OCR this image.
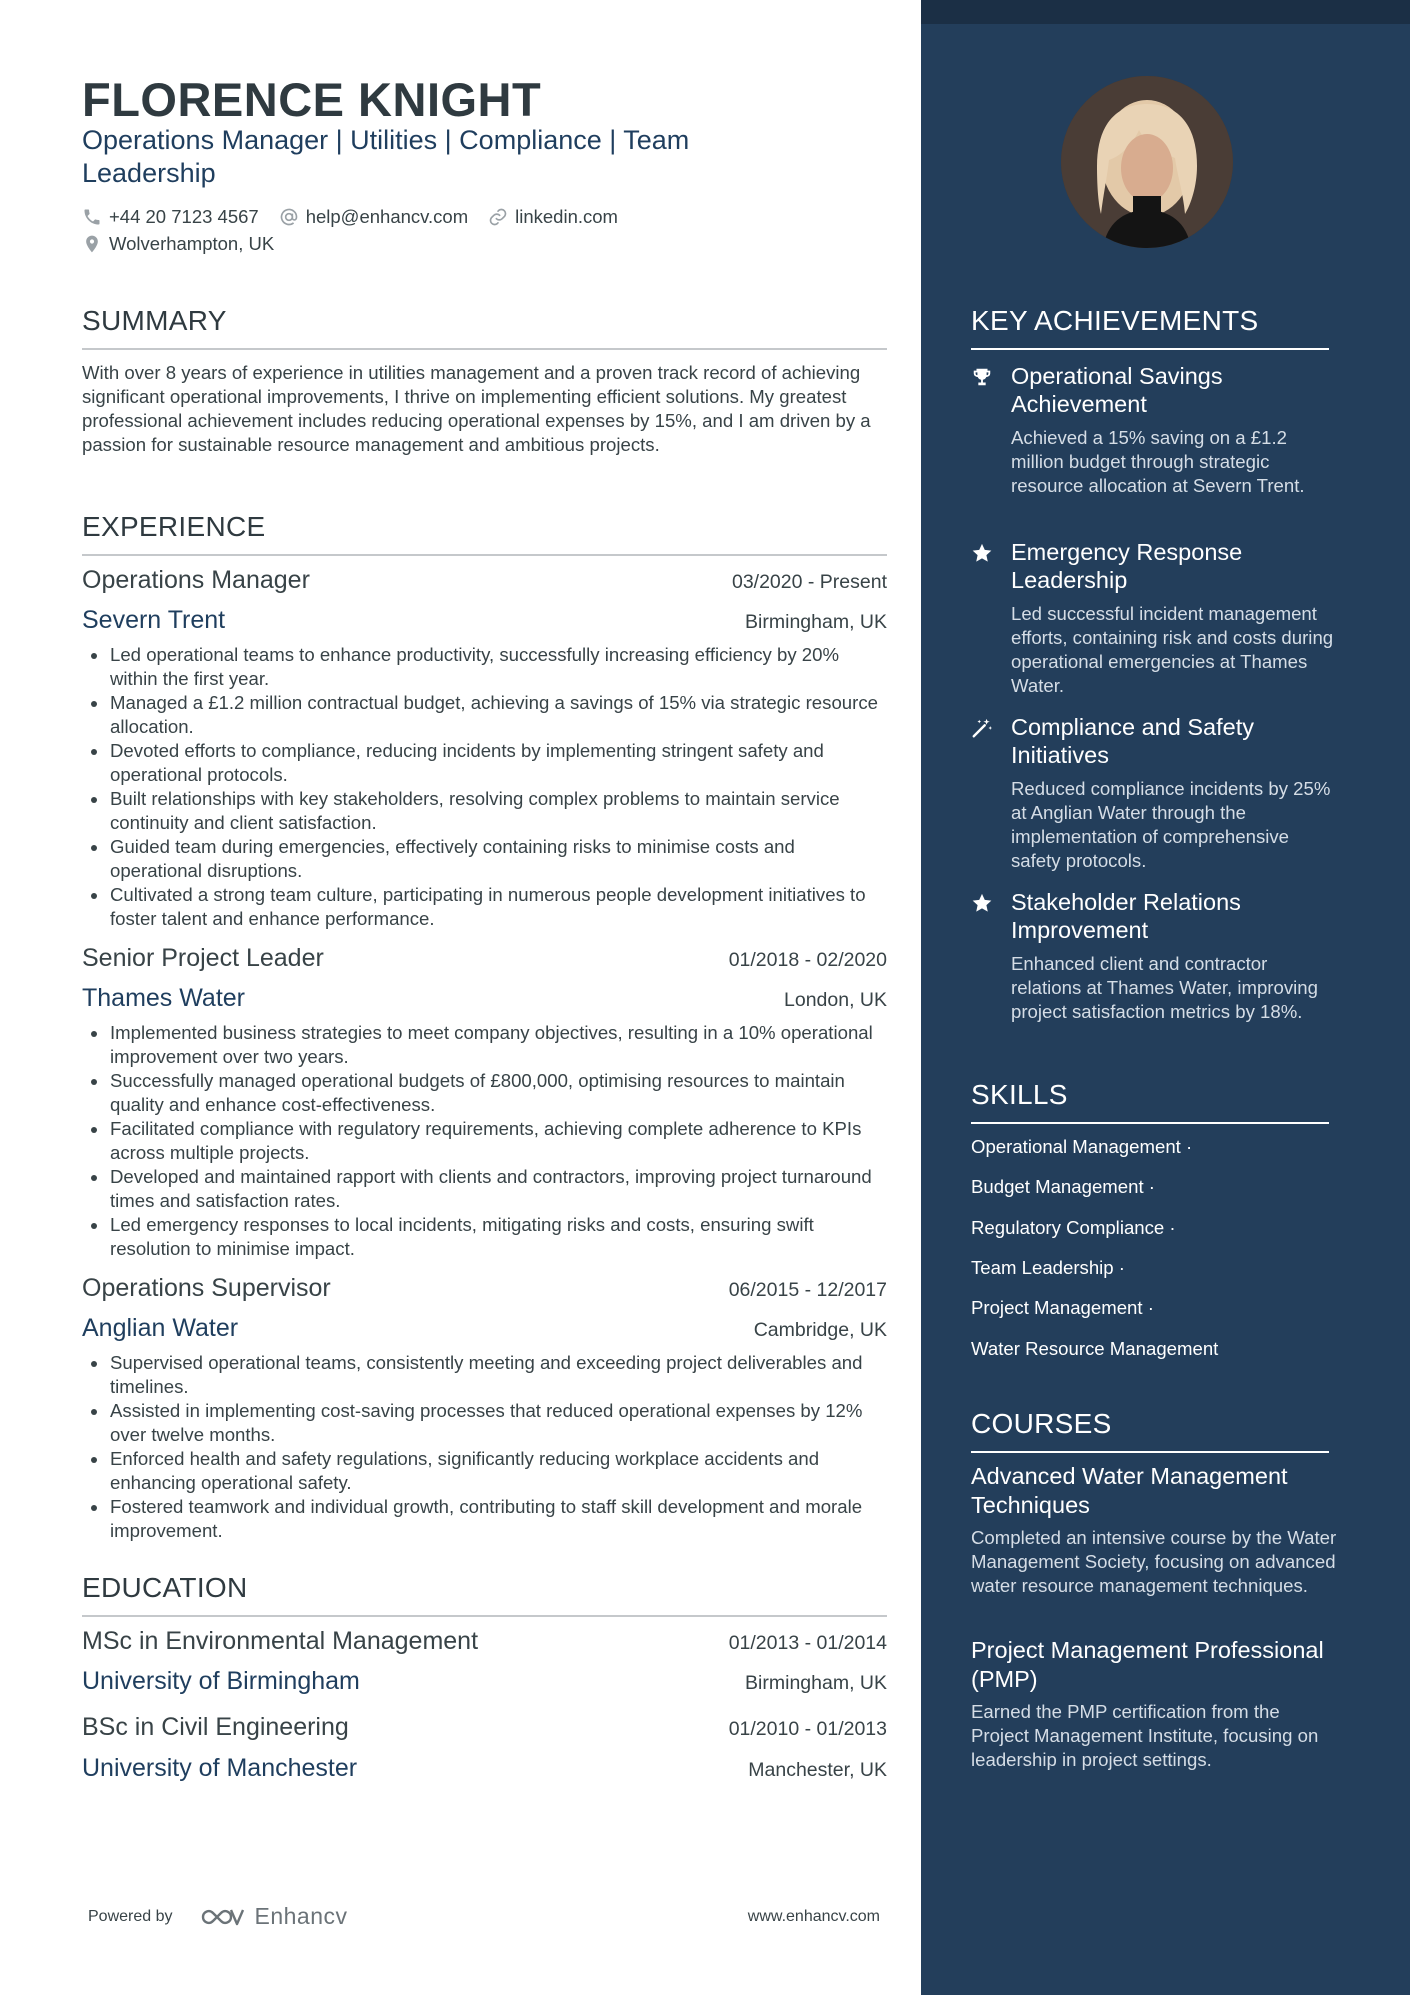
FLORENCE KNIGHT
Operations Manager | Utilities | Compliance | Team Leadership
+44 20 7123 4567	help@enhancv.com	linkedin.com
Wolverhampton, UK
SUMMARY
With over 8 years of experience in utilities management and a proven track record of achieving significant operational improvements, I thrive on implementing efficient solutions. My greatest professional achievement includes reducing operational expenses by 15%, and I am driven by a passion for sustainable resource management and ambitious projects.
EXPERIENCE
Operations Manager	03/2020 - Present
Severn Trent	Birmingham, UK
Led operational teams to enhance productivity, successfully increasing efficiency by 20% within the first year.
Managed a £1.2 million contractual budget, achieving a savings of 15% via strategic resource allocation.
Devoted efforts to compliance, reducing incidents by implementing stringent safety and operational protocols.
Built relationships with key stakeholders, resolving complex problems to maintain service continuity and client satisfaction.
Guided team during emergencies, effectively containing risks to minimise costs and operational disruptions.
Cultivated a strong team culture, participating in numerous people development initiatives to foster talent and enhance performance.
Senior Project Leader	01/2018 - 02/2020
Thames Water	London, UK
Implemented business strategies to meet company objectives, resulting in a 10% operational improvement over two years.
Successfully managed operational budgets of £800,000, optimising resources to maintain quality and enhance cost-effectiveness.
Facilitated compliance with regulatory requirements, achieving complete adherence to KPIs across multiple projects.
Developed and maintained rapport with clients and contractors, improving project turnaround times and satisfaction rates.
Led emergency responses to local incidents, mitigating risks and costs, ensuring swift resolution to minimise impact.
Operations Supervisor	06/2015 - 12/2017
Anglian Water	Cambridge, UK
Supervised operational teams, consistently meeting and exceeding project deliverables and timelines.
Assisted in implementing cost-saving processes that reduced operational expenses by 12% over twelve months.
Enforced health and safety regulations, significantly reducing workplace accidents and enhancing operational safety.
Fostered teamwork and individual growth, contributing to staff skill development and morale improvement.
EDUCATION
MSc in Environmental Management	01/2013 - 01/2014
University of Birmingham	Birmingham, UK
BSc in Civil Engineering	01/2010 - 01/2013
University of Manchester	Manchester, UK
Powered by	Enhancv	www.enhancv.com
KEY ACHIEVEMENTS
Operational Savings Achievement
Achieved a 15% saving on a £1.2 million budget through strategic resource allocation at Severn Trent.
Emergency Response Leadership
Led successful incident management efforts, containing risk and costs during operational emergencies at Thames Water.
Compliance and Safety Initiatives
Reduced compliance incidents by 25% at Anglian Water through the implementation of comprehensive safety protocols.
Stakeholder Relations Improvement
Enhanced client and contractor relations at Thames Water, improving project satisfaction metrics by 18%.
SKILLS
Operational Management ·
Budget Management ·
Regulatory Compliance ·
Team Leadership ·
Project Management ·
Water Resource Management
COURSES
Advanced Water Management Techniques
Completed an intensive course by the Water Management Society, focusing on advanced water resource management techniques.
Project Management Professional (PMP)
Earned the PMP certification from the Project Management Institute, focusing on leadership in project settings.
